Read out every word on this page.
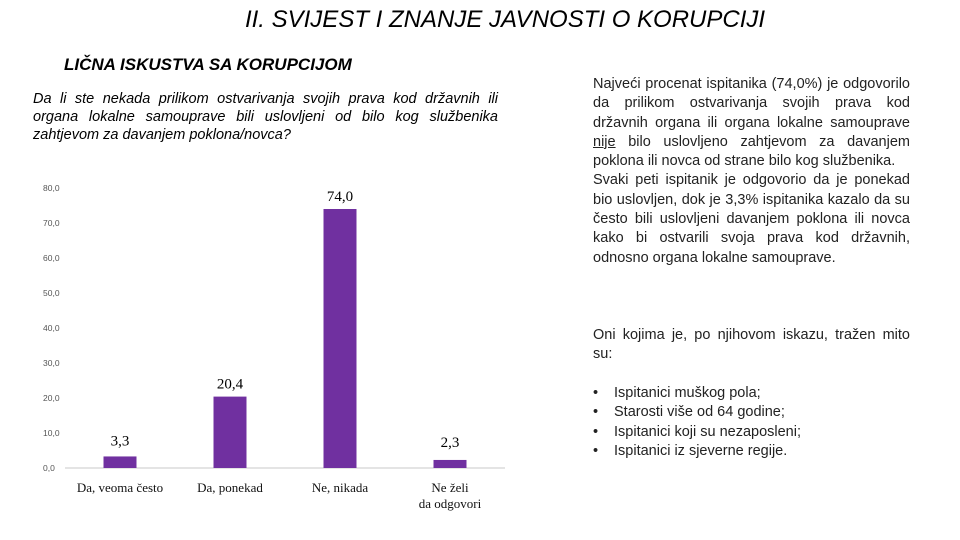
II. SVIJEST I ZNANJE JAVNOSTI O KORUPCIJI
LIČNA ISKUSTVA SA KORUPCIJOM
Da li ste nekada prilikom ostvarivanja svojih prava kod državnih ili organa lokalne samouprave bili uslovljeni od bilo kog službenika zahtjevom za davanjem poklona/novca?
0,0
10,0
20,0
30,0
40,0
50,0
60,0
70,0
80,0
3,3
Da, veoma često
20,4
Da, ponekad
74,0
Ne, nikada
2,3
Ne želi
da odgovori
Najveći procenat ispitanika (74,0%) je odgovorilo da prilikom ostvarivanja svojih prava kod državnih organa ili organa lokalne samouprave nije bilo uslovljeno zahtjevom za davanjem poklona ili novca od strane bilo kog službenika.
Svaki peti ispitanik je odgovorio da je ponekad bio uslovljen, dok je 3,3% ispitanika kazalo da su često bili uslovljeni davanjem poklona ili novca kako bi ostvarili svoja prava kod državnih, odnosno organa lokalne samouprave.
Oni kojima je, po njihovom iskazu, tražen mito su:
• Ispitanici muškog pola;
• Starosti više od 64 godine;
• Ispitanici koji su nezaposleni;
• Ispitanici iz sjeverne regije.
